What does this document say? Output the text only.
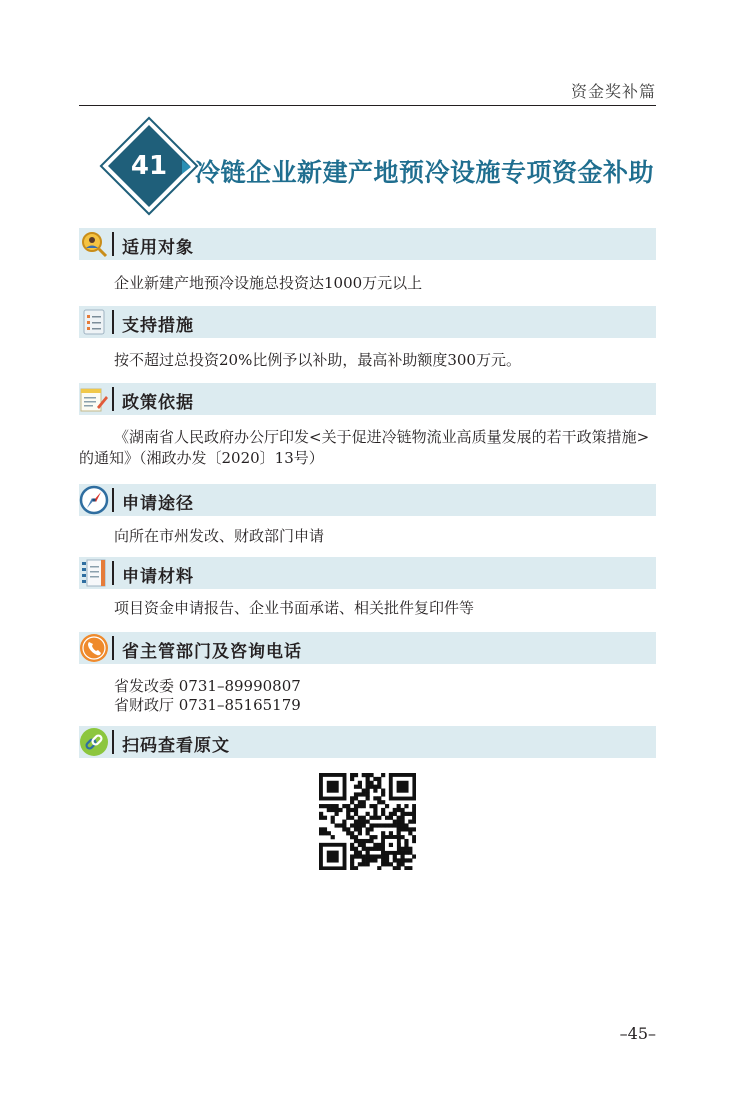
资金奖补篇
41	冷链企业新建产地预冷设施专项资金补助
适用对象
企业新建产地预冷设施总投资达1000万元以上
支持措施
按不超过总投资20%比例予以补助，最高补助额度300万元。
政策依据
《湖南省人民政府办公厅印发<关于促进冷链物流业高质量发展的若干政策措施>的通知》（湘政办发〔2020〕13号）
申请途径
向所在市州发改、财政部门申请
申请材料
项目资金申请报告、企业书面承诺、相关批件复印件等
省主管部门及咨询电话
省发改委 0731–89990807
省财政厅 0731–85165179
扫码查看原文
–45–
